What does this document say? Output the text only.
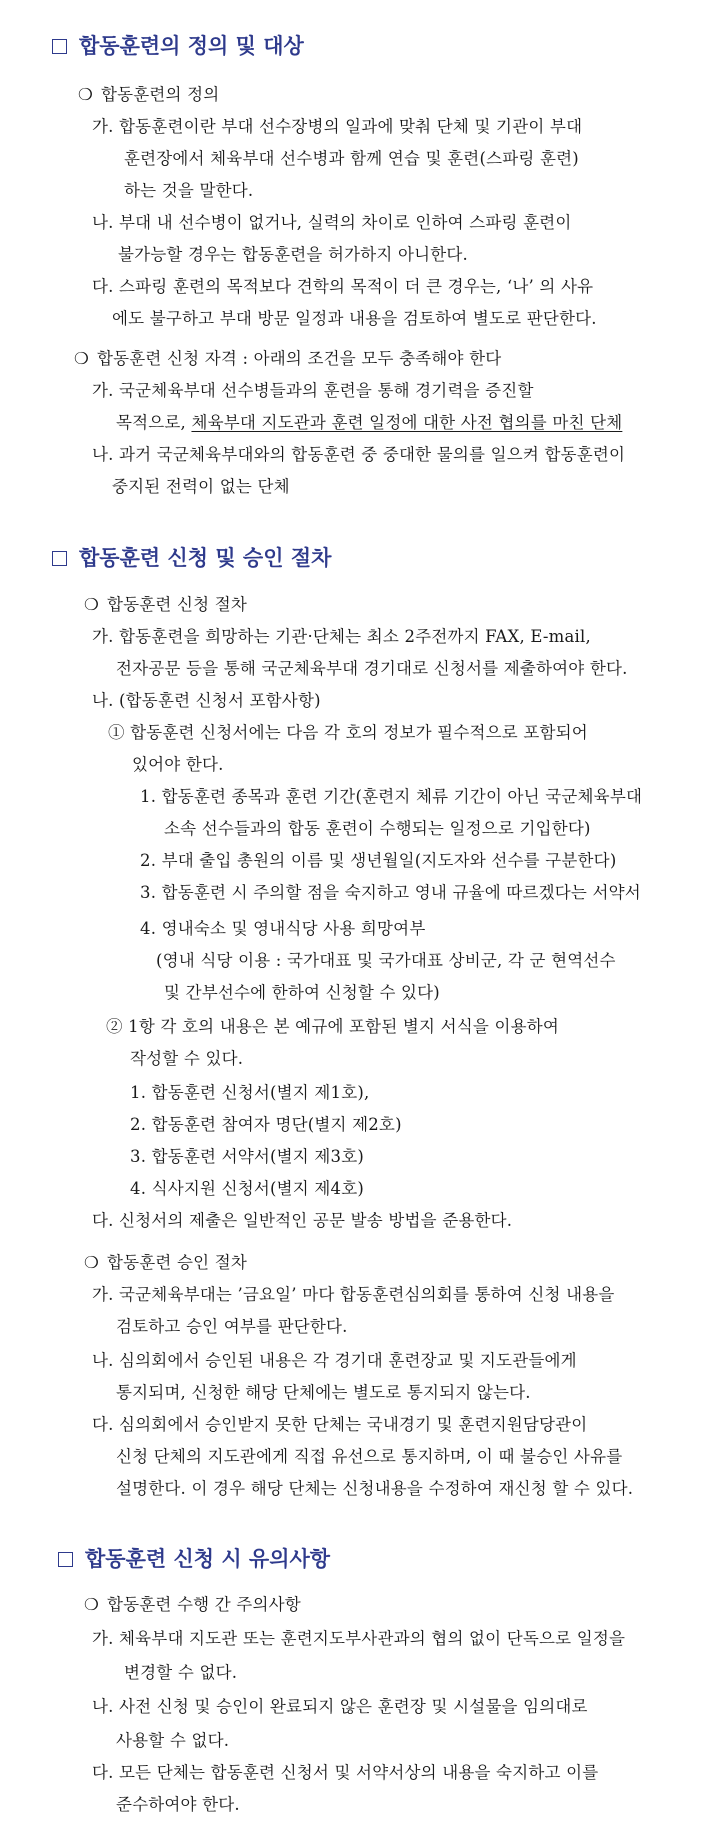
합동훈련의 정의 및 대상
❍ 합동훈련의 정의
가. 합동훈련이란 부대 선수장병의 일과에 맞춰 단체 및 기관이 부대
훈련장에서 체육부대 선수병과 함께 연습 및 훈련(스파링 훈련)
하는 것을 말한다.
나. 부대 내 선수병이 없거나, 실력의 차이로 인하여 스파링 훈련이
불가능할 경우는 합동훈련을 허가하지 아니한다.
다. 스파링 훈련의 목적보다 견학의 목적이 더 큰 경우는, ‘나’ 의 사유
에도 불구하고 부대 방문 일정과 내용을 검토하여 별도로 판단한다.
❍ 합동훈련 신청 자격 : 아래의 조건을 모두 충족해야 한다
가. 국군체육부대 선수병들과의 훈련을 통해 경기력을 증진할
목적으로, 체육부대 지도관과 훈련 일정에 대한 사전 협의를 마친 단체
나. 과거 국군체육부대와의 합동훈련 중 중대한 물의를 일으켜 합동훈련이
중지된 전력이 없는 단체
합동훈련 신청 및 승인 절차
❍ 합동훈련 신청 절차
가. 합동훈련을 희망하는 기관·단체는 최소 2주전까지 FAX, E-mail,
전자공문 등을 통해 국군체육부대 경기대로 신청서를 제출하여야 한다.
나. (합동훈련 신청서 포함사항)
① 합동훈련 신청서에는 다음 각 호의 정보가 필수적으로 포함되어
있어야 한다.
1. 합동훈련 종목과 훈련 기간(훈련지 체류 기간이 아닌 국군체육부대
소속 선수들과의 합동 훈련이 수행되는 일정으로 기입한다)
2. 부대 출입 총원의 이름 및 생년월일(지도자와 선수를 구분한다)
3. 합동훈련 시 주의할 점을 숙지하고 영내 규율에 따르겠다는 서약서
4. 영내숙소 및 영내식당 사용 희망여부
(영내 식당 이용 : 국가대표 및 국가대표 상비군, 각 군 현역선수
및 간부선수에 한하여 신청할 수 있다)
② 1항 각 호의 내용은 본 예규에 포함된 별지 서식을 이용하여
작성할 수 있다.
1. 합동훈련 신청서(별지 제1호),
2. 합동훈련 참여자 명단(별지 제2호)
3. 합동훈련 서약서(별지 제3호)
4. 식사지원 신청서(별지 제4호)
다. 신청서의 제출은 일반적인 공문 발송 방법을 준용한다.
❍ 합동훈련 승인 절차
가. 국군체육부대는 ’금요일’ 마다 합동훈련심의회를 통하여 신청 내용을
검토하고 승인 여부를 판단한다.
나. 심의회에서 승인된 내용은 각 경기대 훈련장교 및 지도관들에게
통지되며, 신청한 해당 단체에는 별도로 통지되지 않는다.
다. 심의회에서 승인받지 못한 단체는 국내경기 및 훈련지원담당관이
신청 단체의 지도관에게 직접 유선으로 통지하며, 이 때 불승인 사유를
설명한다. 이 경우 해당 단체는 신청내용을 수정하여 재신청 할 수 있다.
합동훈련 신청 시 유의사항
❍ 합동훈련 수행 간 주의사항
가. 체육부대 지도관 또는 훈련지도부사관과의 협의 없이 단독으로 일정을
변경할 수 없다.
나. 사전 신청 및 승인이 완료되지 않은 훈련장 및 시설물을 임의대로
사용할 수 없다.
다. 모든 단체는 합동훈련 신청서 및 서약서상의 내용을 숙지하고 이를
준수하여야 한다.
